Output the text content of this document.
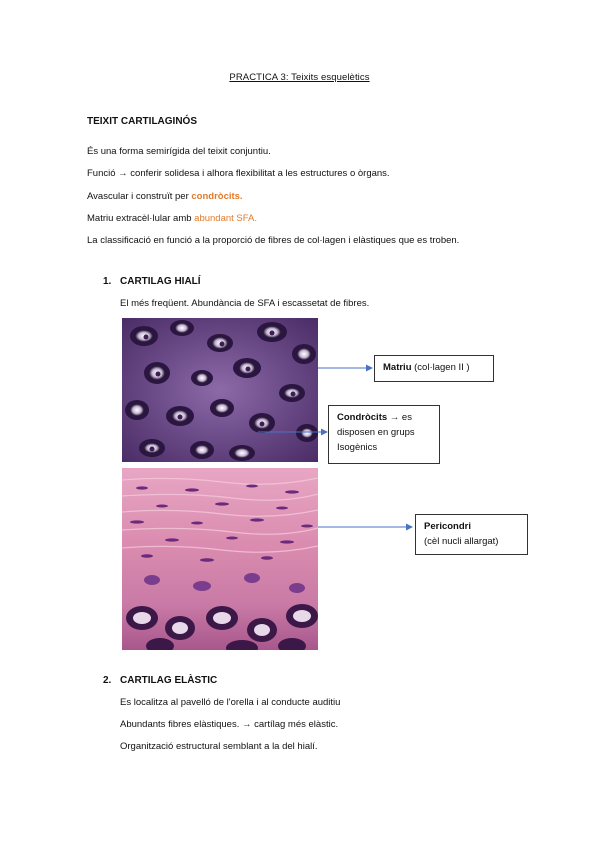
PRACTICA 3: Teixits esquelètics
TEIXIT CARTILAGINÓS
És una forma semirígida del teixit conjuntiu.
Funció → conferir solidesa i alhora flexibilitat a les estructures o òrgans.
Avascular i construït per condròcits.
Matriu extracèl·lular amb abundant SFA.
La classificació en funció a la proporció de fibres de col·lagen i elàstiques que es troben.
1. CARTILAG HIALÍ
El més freqüent. Abundància de SFA i escassetat de fibres.
Matriu (col·lagen II )
Condròcits → es
disposen en grups
Isogènics
Pericondri
(cèl nucli allargat)
2. CARTILAG ELÀSTIC
Es localitza al pavelló de l'orella i al conducte auditiu
Abundants fibres elàstiques. → cartílag més elàstic.
Organització estructural semblant a la del hialí.
